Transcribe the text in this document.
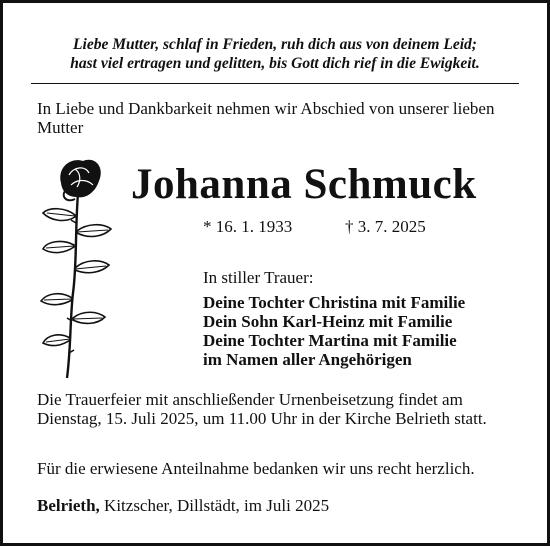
Liebe Mutter, schlaf in Frieden, ruh dich aus von deinem Leid;
hast viel ertragen und gelitten, bis Gott dich rief in die Ewigkeit.
In Liebe und Dankbarkeit nehmen wir Abschied von unserer lieben Mutter
Johanna Schmuck
* 16. 1. 1933	† 3. 7. 2025
In stiller Trauer:
Deine Tochter Christina mit Familie
Dein Sohn Karl-Heinz mit Familie
Deine Tochter Martina mit Familie
im Namen aller Angehörigen
Die Trauerfeier mit anschließender Urnenbeisetzung findet am Dienstag, 15. Juli 2025, um 11.00 Uhr in der Kirche Belrieth statt.
Für die erwiesene Anteilnahme bedanken wir uns recht herzlich.
Belrieth, Kitzscher, Dillstädt, im Juli 2025
